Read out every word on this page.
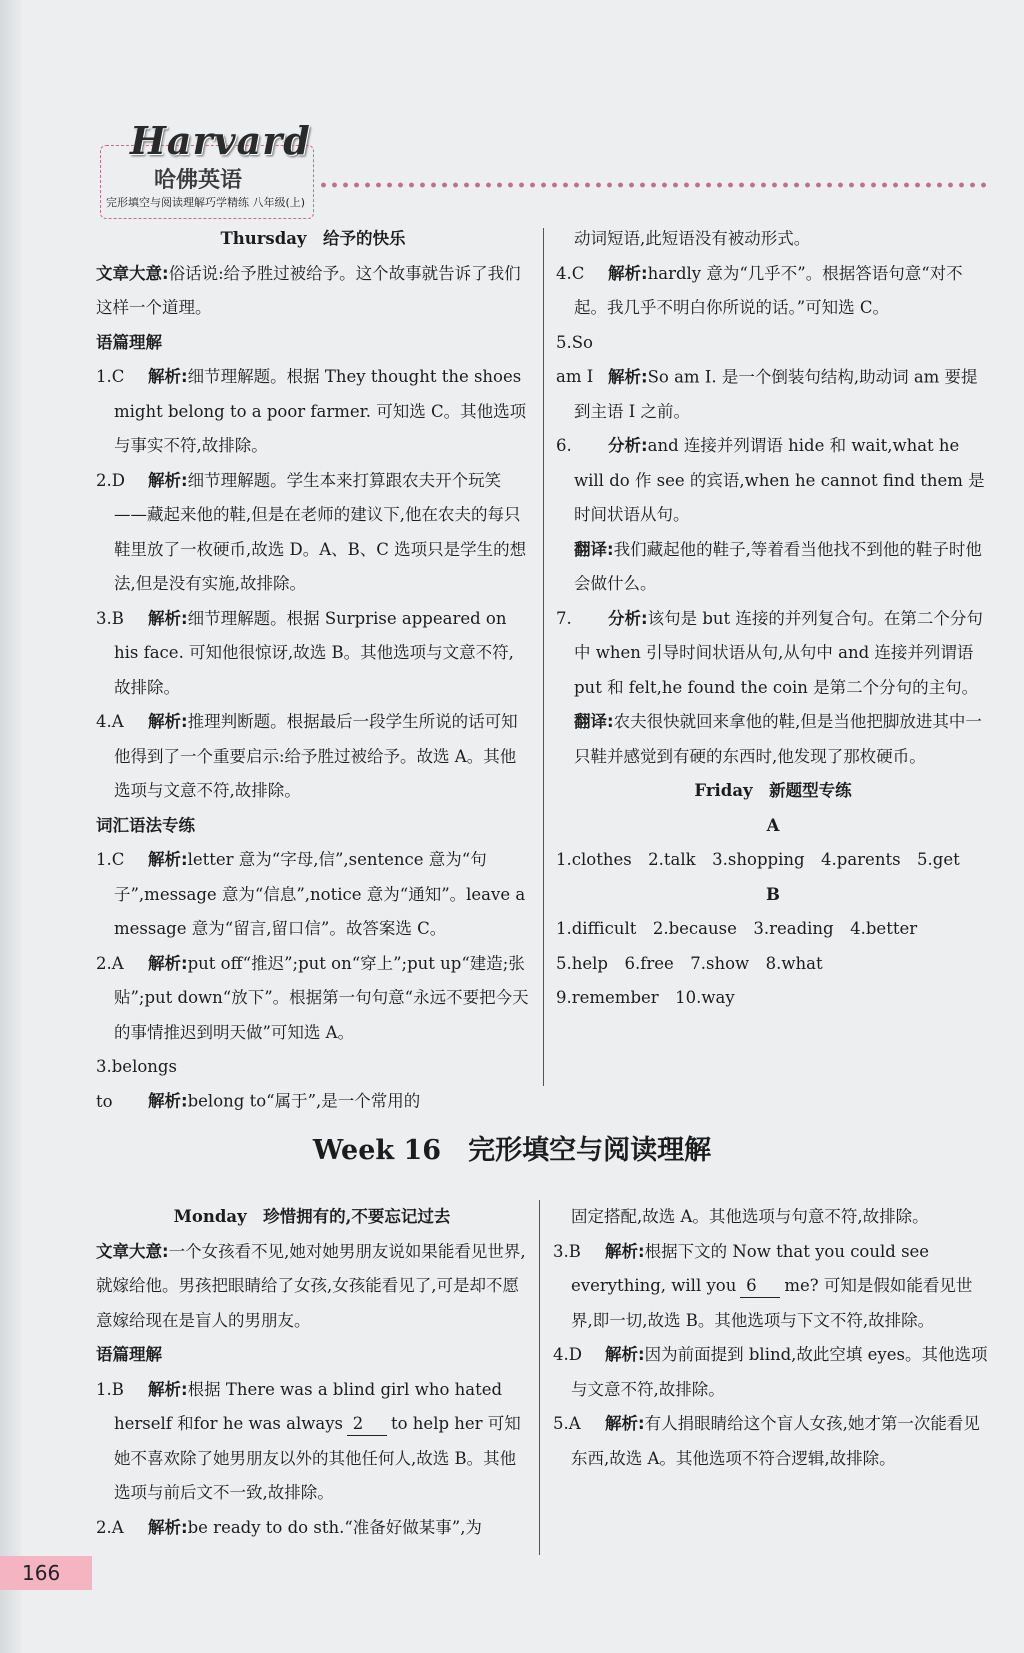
Harvard
哈佛英语
完形填空与阅读理解巧学精练 八年级(上)

Thursday　给予的快乐

文章大意:俗话说:给予胜过被给予。这个故事就告诉了我们这样一个道理。

语篇理解

1.C 解析:细节理解题。根据 They thought the shoes might belong to a poor farmer. 可知选 C。其他选项与事实不符,故排除。

2.D 解析:细节理解题。学生本来打算跟农夫开个玩笑——藏起来他的鞋,但是在老师的建议下,他在农夫的每只鞋里放了一枚硬币,故选 D。A、B、C 选项只是学生的想法,但是没有实施,故排除。

3.B 解析:细节理解题。根据 Surprise appeared on his face. 可知他很惊讶,故选 B。其他选项与文意不符,故排除。

4.A 解析:推理判断题。根据最后一段学生所说的话可知他得到了一个重要启示:给予胜过被给予。故选 A。其他选项与文意不符,故排除。

词汇语法专练

1.C 解析:letter 意为“字母,信”,sentence 意为“句子”,message 意为“信息”,notice 意为“通知”。leave a message 意为“留言,留口信”。故答案选 C。

2.A 解析:put off“推迟”;put on“穿上”;put up“建造;张贴”;put down“放下”。根据第一句句意“永远不要把今天的事情推迟到明天做”可知选 A。

3.belongs to 解析:belong to“属于”,是一个常用的

动词短语,此短语没有被动形式。

4.C 解析:hardly 意为“几乎不”。根据答语句意“对不起。我几乎不明白你所说的话。”可知选 C。

5.So am I 解析:So am I. 是一个倒装句结构,助动词 am 要提到主语 I 之前。

6. 分析:and 连接并列谓语 hide 和 wait,what he will do 作 see 的宾语,when he cannot find them 是时间状语从句。

翻译:我们藏起他的鞋子,等着看当他找不到他的鞋子时他会做什么。

7. 分析:该句是 but 连接的并列复合句。在第二个分句中 when 引导时间状语从句,从句中 and 连接并列谓语 put 和 felt,he found the coin 是第二个分句的主句。

翻译:农夫很快就回来拿他的鞋,但是当他把脚放进其中一只鞋并感觉到有硬的东西时,他发现了那枚硬币。

Friday　新题型专练

A

1.clothes　2.talk　3.shopping　4.parents　5.get

B

1.difficult　2.because　3.reading　4.better

5.help　6.free　7.show　8.what

9.remember　10.way

Week 16　完形填空与阅读理解

Monday　珍惜拥有的,不要忘记过去

文章大意:一个女孩看不见,她对她男朋友说如果能看见世界,就嫁给他。男孩把眼睛给了女孩,女孩能看见了,可是却不愿意嫁给现在是盲人的男朋友。

语篇理解

1.B 解析:根据 There was a blind girl who hated herself 和for he was always 2 to help her 可知她不喜欢除了她男朋友以外的其他任何人,故选 B。其他选项与前后文不一致,故排除。

2.A 解析:be ready to do sth.“准备好做某事”,为

固定搭配,故选 A。其他选项与句意不符,故排除。

3.B 解析:根据下文的 Now that you could see everything, will you 6 me? 可知是假如能看见世界,即一切,故选 B。其他选项与下文不符,故排除。

4.D 解析:因为前面提到 blind,故此空填 eyes。其他选项与文意不符,故排除。

5.A 解析:有人捐眼睛给这个盲人女孩,她才第一次能看见东西,故选 A。其他选项不符合逻辑,故排除。

166
